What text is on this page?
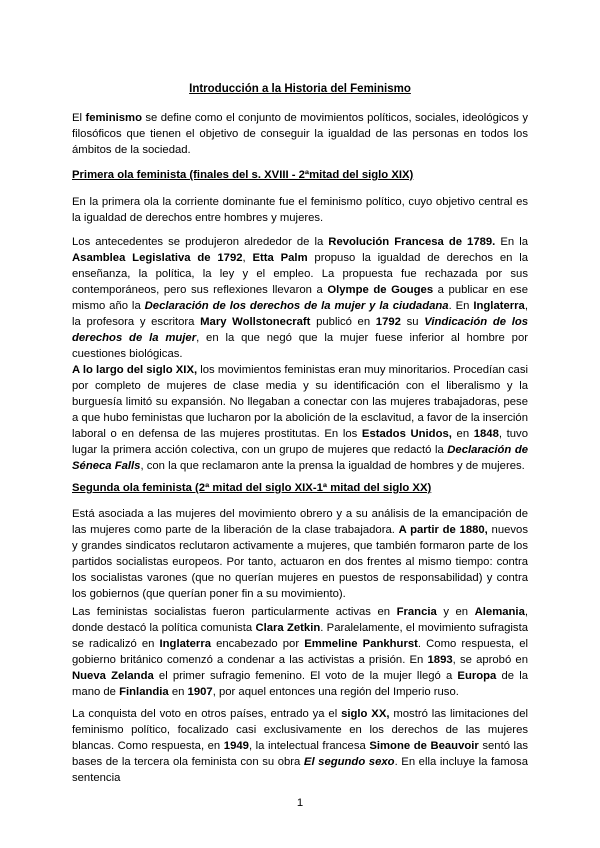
Introducción a la Historia del Feminismo

El feminismo se define como el conjunto de movimientos políticos, sociales, ideológicos y filosóficos que tienen el objetivo de conseguir la igualdad de las personas en todos los ámbitos de la sociedad.

Primera ola feminista (finales del s. XVIII - 2ªmitad del siglo XIX)

En la primera ola la corriente dominante fue el feminismo político, cuyo objetivo central es la igualdad de derechos entre hombres y mujeres.

Los antecedentes se produjeron alrededor de la Revolución Francesa de 1789. En la Asamblea Legislativa de 1792, Etta Palm propuso la igualdad de derechos en la enseñanza, la política, la ley y el empleo. La propuesta fue rechazada por sus contemporáneos, pero sus reflexiones llevaron a Olympe de Gouges a publicar en ese mismo año la Declaración de los derechos de la mujer y la ciudadana. En Inglaterra, la profesora y escritora Mary Wollstonecraft publicó en 1792 su Vindicación de los derechos de la mujer, en la que negó que la mujer fuese inferior al hombre por cuestiones biológicas.

A lo largo del siglo XIX, los movimientos feministas eran muy minoritarios. Procedían casi por completo de mujeres de clase media y su identificación con el liberalismo y la burguesía limitó su expansión. No llegaban a conectar con las mujeres trabajadoras, pese a que hubo feministas que lucharon por la abolición de la esclavitud, a favor de la inserción laboral o en defensa de las mujeres prostitutas. En los Estados Unidos, en 1848, tuvo lugar la primera acción colectiva, con un grupo de mujeres que redactó la Declaración de Séneca Falls, con la que reclamaron ante la prensa la igualdad de hombres y de mujeres.

Segunda ola feminista (2ª mitad del siglo XIX-1ª mitad del siglo XX)

Está asociada a las mujeres del movimiento obrero y a su análisis de la emancipación de las mujeres como parte de la liberación de la clase trabajadora. A partir de 1880, nuevos y grandes sindicatos reclutaron activamente a mujeres, que también formaron parte de los partidos socialistas europeos. Por tanto, actuaron en dos frentes al mismo tiempo: contra los socialistas varones (que no querían mujeres en puestos de responsabilidad) y contra los gobiernos (que querían poner fin a su movimiento).

Las feministas socialistas fueron particularmente activas en Francia y en Alemania, donde destacó la política comunista Clara Zetkin. Paralelamente, el movimiento sufragista se radicalizó en Inglaterra encabezado por Emmeline Pankhurst. Como respuesta, el gobierno británico comenzó a condenar a las activistas a prisión. En 1893, se aprobó en Nueva Zelanda el primer sufragio femenino. El voto de la mujer llegó a Europa de la mano de Finlandia en 1907, por aquel entonces una región del Imperio ruso.

La conquista del voto en otros países, entrado ya el siglo XX, mostró las limitaciones del feminismo político, focalizado casi exclusivamente en los derechos de las mujeres blancas. Como respuesta, en 1949, la intelectual francesa Simone de Beauvoir sentó las bases de la tercera ola feminista con su obra El segundo sexo. En ella incluye la famosa sentencia

1
